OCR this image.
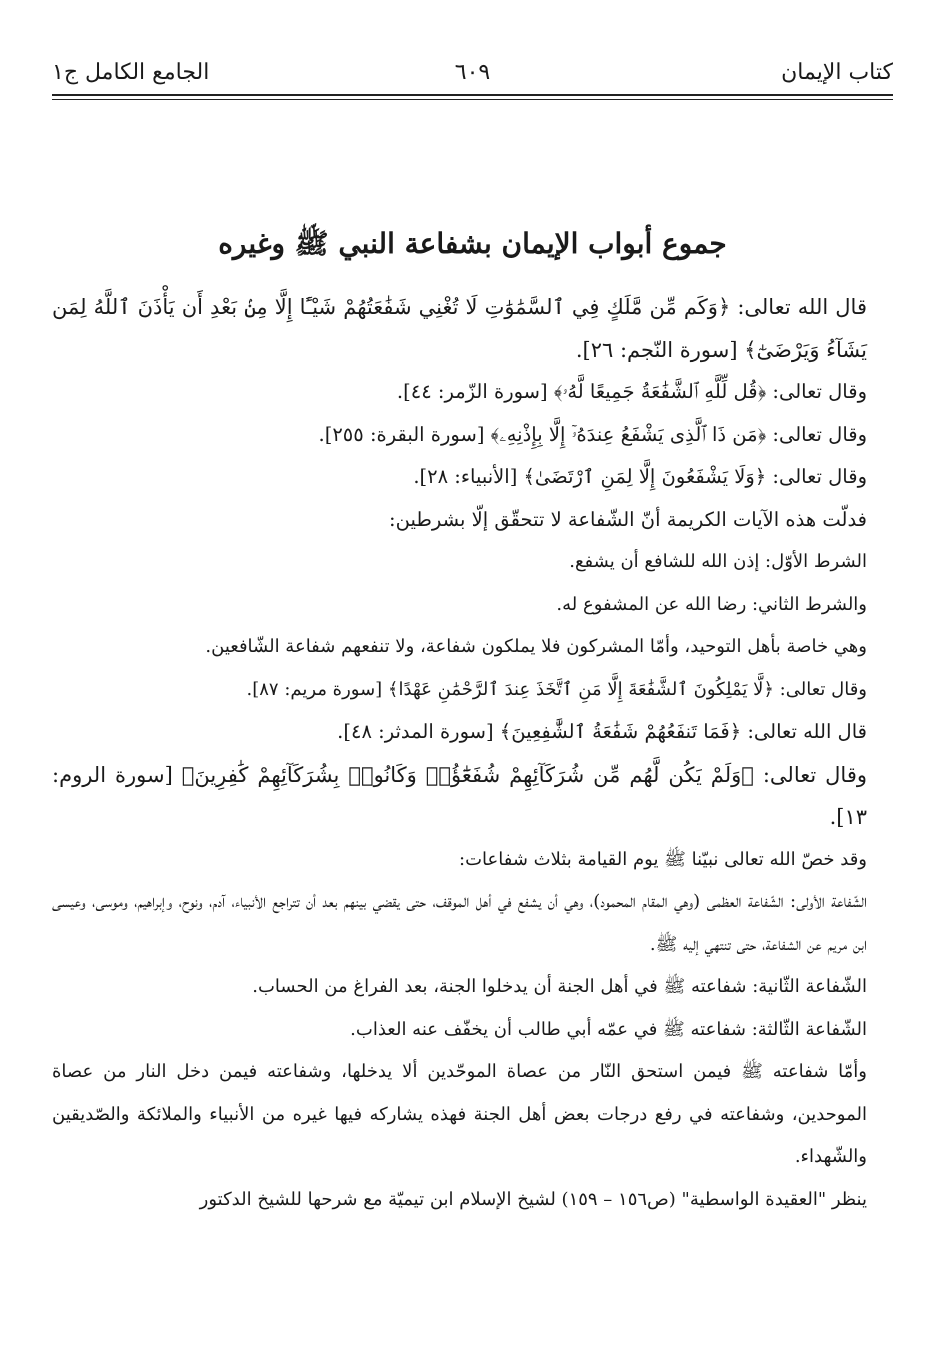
كتاب الإيمان
٦٠٩
الجامع الكامل ج١
جموع أبواب الإيمان بشفاعة النبي ﷺ وغيره

قال الله تعالى: ﴿وَكَم مِّن مَّلَكٍ فِي ٱلسَّمَٰوَٰتِ لَا تُغْنِي شَفَٰعَتُهُمْ شَيْـًٔا إِلَّا مِنۢ بَعْدِ أَن يَأْذَنَ ٱللَّهُ لِمَن يَشَآءُ وَيَرْضَىٰٓ﴾ [سورة النّجم: ٢٦].

وقال تعالى: ﴿قُل لِّلَّهِ ٱلشَّفَٰعَةُ جَمِيعًا لَّهُۥ﴾ [سورة الزّمر: ٤٤].

وقال تعالى: ﴿مَن ذَا ٱلَّذِى يَشْفَعُ عِندَهُۥٓ إِلَّا بِإِذْنِهِۦ﴾ [سورة البقرة: ٢٥٥].

وقال تعالى: ﴿وَلَا يَشْفَعُونَ إِلَّا لِمَنِ ٱرْتَضَىٰ﴾ [الأنبياء: ٢٨].

فدلّت هذه الآيات الكريمة أنّ الشّفاعة لا تتحقّق إلّا بشرطين:

الشرط الأوّل: إذن الله للشافع أن يشفع.

والشرط الثاني: رضا الله عن المشفوع له.

وهي خاصة بأهل التوحيد، وأمّا المشركون فلا يملكون شفاعة، ولا تنفعهم شفاعة الشّافعين.

وقال تعالى: ﴿لَّا يَمْلِكُونَ ٱلشَّفَٰعَةَ إِلَّا مَنِ ٱتَّخَذَ عِندَ ٱلرَّحْمَٰنِ عَهْدًا﴾ [سورة مريم: ٨٧].

قال الله تعالى: ﴿فَمَا تَنفَعُهُمْ شَفَٰعَةُ ٱلشَّٰفِعِينَ﴾ [سورة المدثر: ٤٨].

وقال تعالى: ﴿وَلَمْ يَكُن لَّهُم مِّن شُرَكَآئِهِمْ شُفَعَٰٓؤُا۟ وَكَانُوا۟ بِشُرَكَآئِهِمْ كَٰفِرِينَ﴾ [سورة الروم: ١٣].

وقد خصّ الله تعالى نبيّنا ﷺ يوم القيامة بثلاث شفاعات:

الشّفاعة الأولى: الشّفاعة العظمى (وهي المقام المحمود)، وهي أن يشفع في أهل الموقف، حتى يقضي بينهم بعد أن تتراجع الأنبياء، آدم، ونوح، وإبراهيم، وموسى، وعيسى ابن مريم عن الشفاعة، حتى تنتهي إليه ﷺ.

الشّفاعة الثّانية: شفاعته ﷺ في أهل الجنة أن يدخلوا الجنة، بعد الفراغ من الحساب.

الشّفاعة الثّالثة: شفاعته ﷺ في عمّه أبي طالب أن يخفّف عنه العذاب.

وأمّا شفاعته ﷺ فيمن استحق النّار من عصاة الموحّدين ألا يدخلها، وشفاعته فيمن دخل النار من عصاة الموحدين، وشفاعته في رفع درجات بعض أهل الجنة فهذه يشاركه فيها غيره من الأنبياء والملائكة والصّديقين والشّهداء.

ينظر "العقيدة الواسطية" (ص١٥٦ – ١٥٩) لشيخ الإسلام ابن تيميّة مع شرحها للشيخ الدكتور
